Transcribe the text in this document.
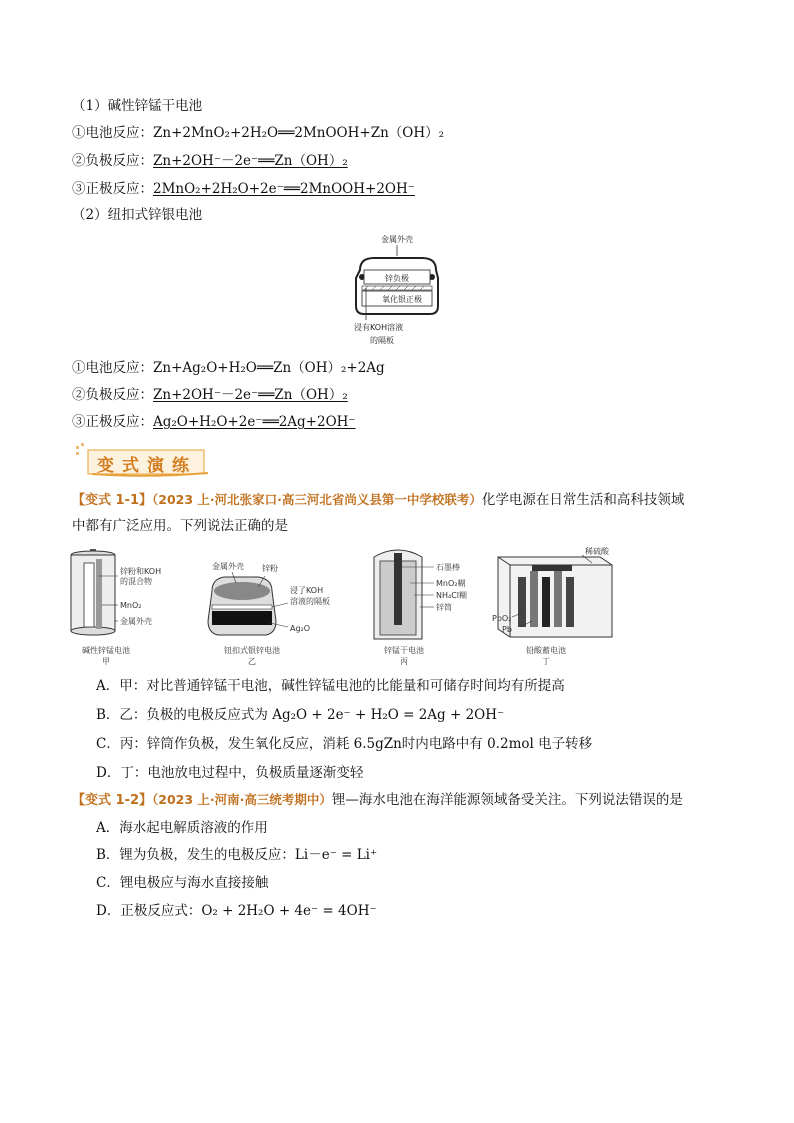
（1）碱性锌锰干电池
①电池反应：Zn+2MnO₂+2H₂O══2MnOOH+Zn（OH）₂
②负极反应：Zn+2OH⁻－2e⁻══Zn（OH）₂
③正极反应：2MnO₂+2H₂O+2e⁻══2MnOOH+2OH⁻
（2）纽扣式锌银电池
金属外壳
锌负极
氧化银正极
浸有KOH溶液
的隔板
①电池反应：Zn+Ag₂O+H₂O══Zn（OH）₂+2Ag
②负极反应：Zn+2OH⁻－2e⁻══Zn（OH）₂
③正极反应：Ag₂O+H₂O+2e⁻══2Ag+2OH⁻
变式演练
【变式 1-1】（2023 上·河北张家口·高三河北省尚义县第一中学校联考）化学电源在日常生活和高科技领域
中都有广泛应用。下列说法正确的是
锌粉和KOH
的混合物
MnO₂
金属外壳
碱性锌锰电池
甲
金属外壳 锌粉
浸了KOH
溶液的隔板
Ag₂O
钮扣式银锌电池
乙
石墨棒
MnO₂糊
NH₄Cl糊
锌筒
锌锰干电池
丙
稀硫酸
PbO₂
Pb
铅酸蓄电池
丁
A．甲：对比普通锌锰干电池，碱性锌锰电池的比能量和可储存时间均有所提高
B．乙：负极的电极反应式为 Ag₂O + 2e⁻ + H₂O = 2Ag + 2OH⁻
C．丙：锌筒作负极，发生氧化反应，消耗 6.5gZn时内电路中有 0.2mol 电子转移
D．丁：电池放电过程中，负极质量逐渐变轻
【变式 1-2】（2023 上·河南·高三统考期中）锂—海水电池在海洋能源领域备受关注。下列说法错误的是
A．海水起电解质溶液的作用
B．锂为负极，发生的电极反应：Li－e⁻ = Li⁺
C．锂电极应与海水直接接触
D．正极反应式：O₂ + 2H₂O + 4e⁻ = 4OH⁻
